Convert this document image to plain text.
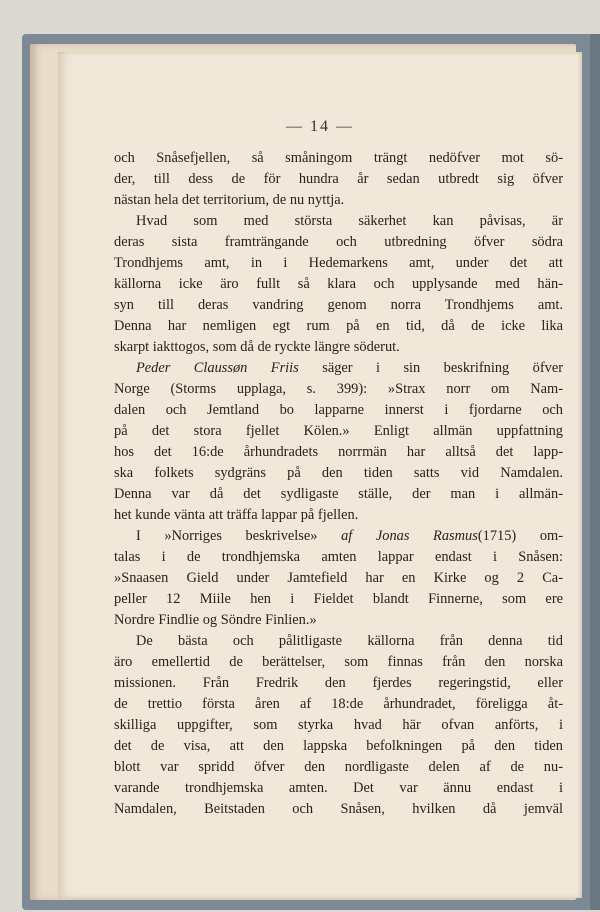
— 14 —
och Snåsefjellen, så småningom trängt nedöfver mot sö-
der, till dess de för hundra år sedan utbredt sig öfver
nästan hela det territorium, de nu nyttja.
Hvad som med största säkerhet kan påvisas, är
deras sista framträngande och utbredning öfver södra
Trondhjems amt, in i Hedemarkens amt, under det att
källorna icke äro fullt så klara och upplysande med hän-
syn till deras vandring genom norra Trondhjems amt.
Denna har nemligen egt rum på en tid, då de icke lika
skarpt iakttogos, som då de ryckte längre söderut.
Peder Claussøn Friis säger i sin beskrifning öfver
Norge (Storms upplaga, s. 399): »Strax norr om Nam-
dalen och Jemtland bo lapparne innerst i fjordarne och
på det stora fjellet Kölen.» Enligt allmän uppfattning
hos det 16:de århundradets norrmän har alltså det lapp-
ska folkets sydgräns på den tiden satts vid Namdalen.
Denna var då det sydligaste ställe, der man i allmän-
het kunde vänta att träffa lappar på fjellen.
I »Norriges beskrivelse» af Jonas Rasmus(1715) om-
talas i de trondhjemska amten lappar endast i Snåsen:
»Snaasen Gield under Jamtefield har en Kirke og 2 Ca-
peller 12 Miile hen i Fieldet blandt Finnerne, som ere
Nordre Findlie og Söndre Finlien.»
De bästa och pålitligaste källorna från denna tid
äro emellertid de berättelser, som finnas från den norska
missionen. Från Fredrik den fjerdes regeringstid, eller
de trettio första åren af 18:de århundradet, föreligga åt-
skilliga uppgifter, som styrka hvad här ofvan anförts, i
det de visa, att den lappska befolkningen på den tiden
blott var spridd öfver den nordligaste delen af de nu-
varande trondhjemska amten. Det var ännu endast i
Namdalen, Beitstaden och Snåsen, hvilken då jemväl
